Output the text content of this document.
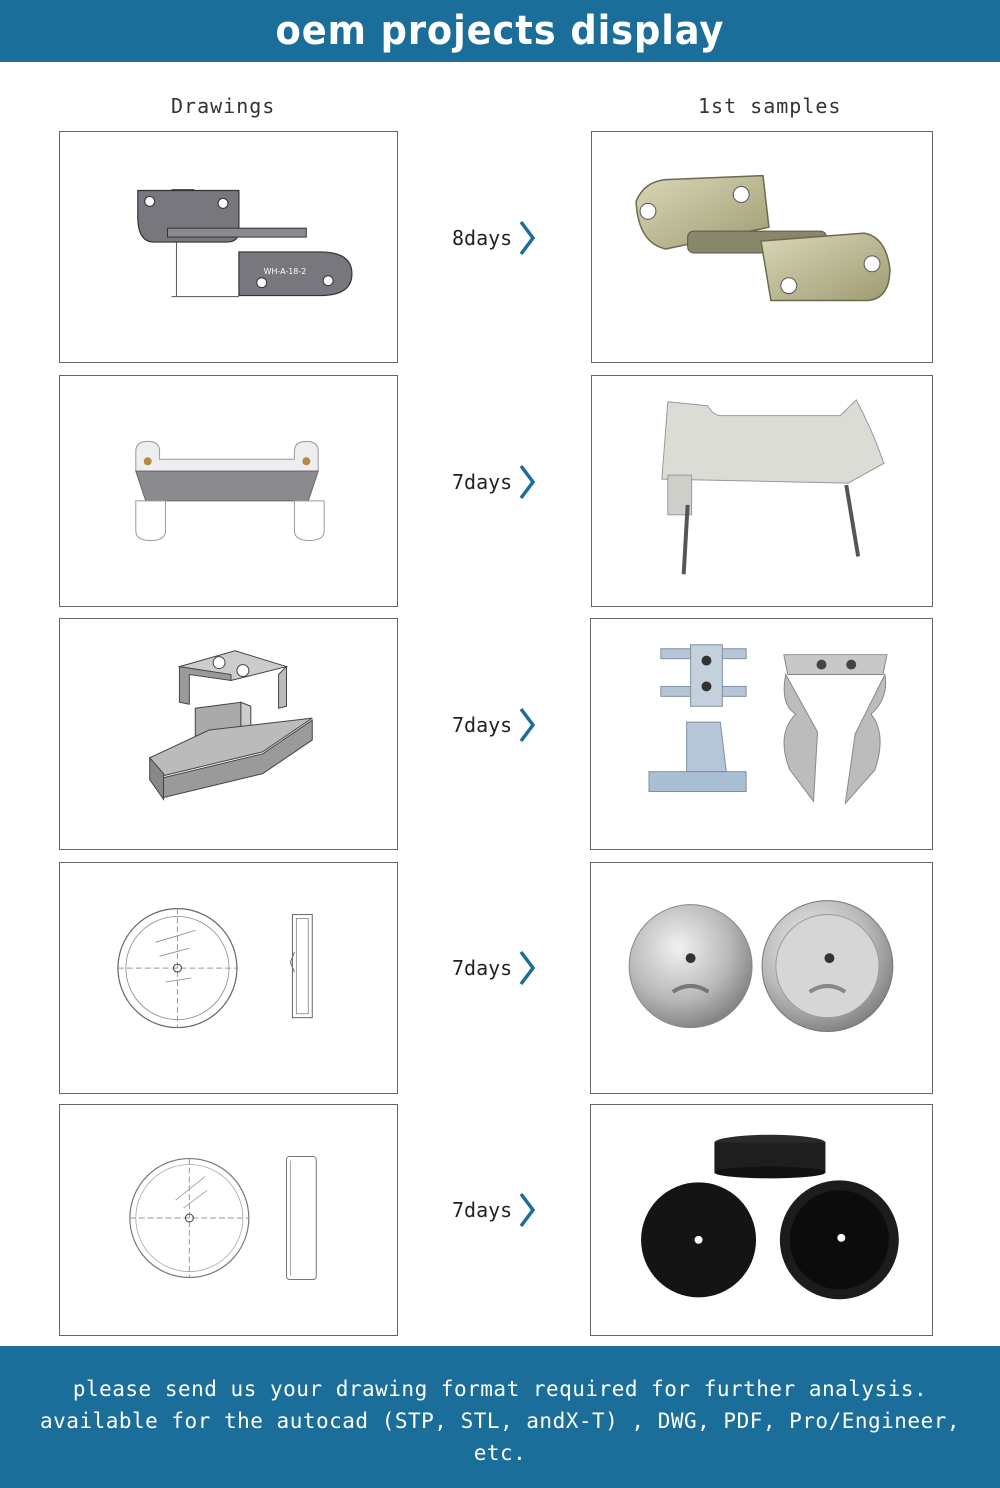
oem projects display
Drawings	1st samples
WH-A-18-2
8days
7days
7days
7days
7days

please send us your drawing format required for further analysis.

available for the autocad (STP, STL, andX-T) , DWG, PDF, Pro/Engineer,

etc.
